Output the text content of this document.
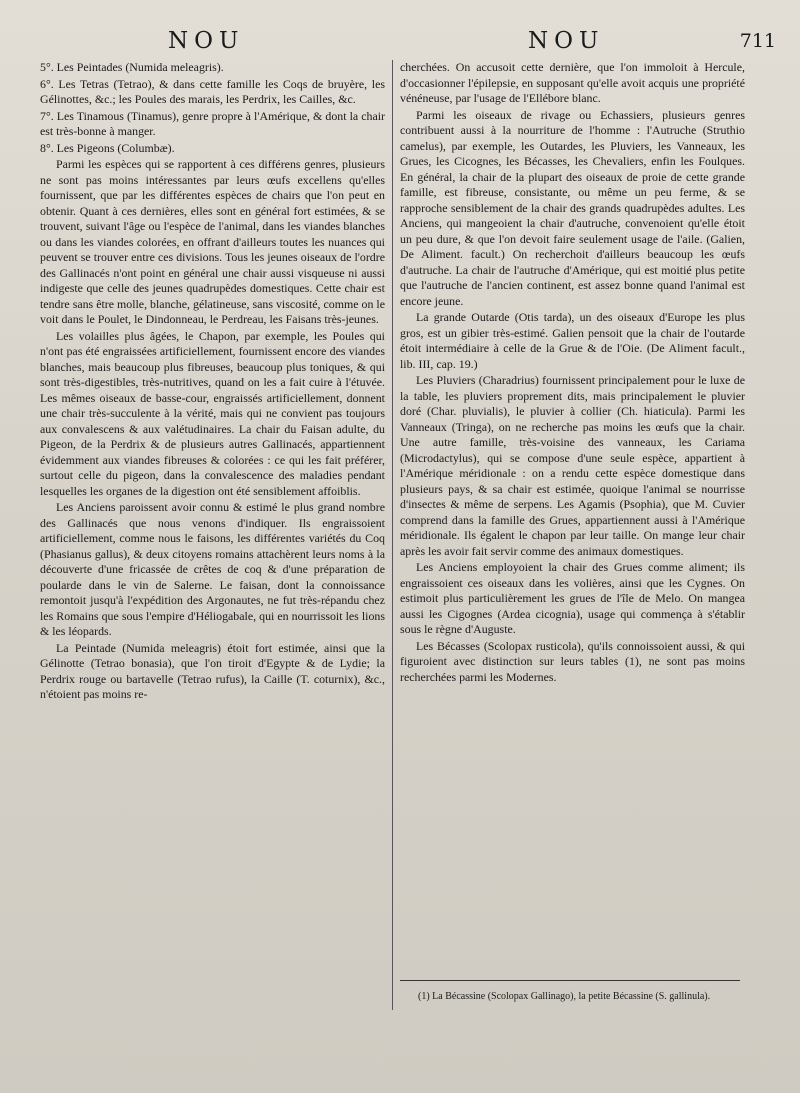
NOU	NOU	711

5°. Les Peintades (Numida meleagris).

6°. Les Tetras (Tetrao), & dans cette famille les Coqs de bruyère, les Gélinottes, &c.; les Poules des marais, les Perdrix, les Cailles, &c.

7°. Les Tinamous (Tinamus), genre propre à l'Amérique, & dont la chair est très-bonne à manger.

8°. Les Pigeons (Columbæ).

Parmi les espèces qui se rapportent à ces différens genres, plusieurs ne sont pas moins intéressantes par leurs œufs excellens qu'elles fournissent, que par les différentes espèces de chairs que l'on peut en obtenir. Quant à ces dernières, elles sont en général fort estimées, & se trouvent, suivant l'âge ou l'espèce de l'animal, dans les viandes blanches ou dans les viandes colorées, en offrant d'ailleurs toutes les nuances qui peuvent se trouver entre ces divisions. Tous les jeunes oiseaux de l'ordre des Gallinacés n'ont point en général une chair aussi visqueuse ni aussi indigeste que celle des jeunes quadrupèdes domestiques. Cette chair est tendre sans être molle, blanche, gélatineuse, sans viscosité, comme on le voit dans le Poulet, le Dindonneau, le Perdreau, les Faisans très-jeunes.

Les volailles plus âgées, le Chapon, par exemple, les Poules qui n'ont pas été engraissées artificiellement, fournissent encore des viandes blanches, mais beaucoup plus fibreuses, beaucoup plus toniques, & qui sont très-digestibles, très-nutritives, quand on les a fait cuire à l'étuvée. Les mêmes oiseaux de basse-cour, engraissés artificiellement, donnent une chair très-succulente à la vérité, mais qui ne convient pas toujours aux convalescens & aux valétudinaires. La chair du Faisan adulte, du Pigeon, de la Perdrix & de plusieurs autres Gallinacés, appartiennent évidemment aux viandes fibreuses & colorées : ce qui les fait préférer, surtout celle du pigeon, dans la convalescence des maladies pendant lesquelles les organes de la digestion ont été sensiblement affoiblis.

Les Anciens paroissent avoir connu & estimé le plus grand nombre des Gallinacés que nous venons d'indiquer. Ils engraissoient artificiellement, comme nous le faisons, les différentes variétés du Coq (Phasianus gallus), & deux citoyens romains attachèrent leurs noms à la découverte d'une fricassée de crêtes de coq & d'une préparation de poularde dans le vin de Salerne. Le faisan, dont la connoissance remontoit jusqu'à l'expédition des Argonautes, ne fut très-répandu chez les Romains que sous l'empire d'Héliogabale, qui en nourrissoit les lions & les léopards.

La Peintade (Numida meleagris) étoit fort estimée, ainsi que la Gélinotte (Tetrao bonasia), que l'on tiroit d'Egypte & de Lydie; la Perdrix rouge ou bartavelle (Tetrao rufus), la Caille (T. coturnix), &c., n'étoient pas moins re-

cherchées. On accusoit cette dernière, que l'on immoloit à Hercule, d'occasionner l'épilepsie, en supposant qu'elle avoit acquis une propriété vénéneuse, par l'usage de l'Ellébore blanc.

Parmi les oiseaux de rivage ou Echassiers, plusieurs genres contribuent aussi à la nourriture de l'homme : l'Autruche (Struthio camelus), par exemple, les Outardes, les Pluviers, les Vanneaux, les Grues, les Cicognes, les Bécasses, les Chevaliers, enfin les Foulques. En général, la chair de la plupart des oiseaux de proie de cette grande famille, est fibreuse, consistante, ou même un peu ferme, & se rapproche sensiblement de la chair des grands quadrupèdes adultes. Les Anciens, qui mangeoient la chair d'autruche, convenoient qu'elle étoit un peu dure, & que l'on devoit faire seulement usage de l'aile. (Galien, De Aliment. facult.) On recherchoit d'ailleurs beaucoup les œufs d'autruche. La chair de l'autruche d'Amérique, qui est moitié plus petite que l'autruche de l'ancien continent, est assez bonne quand l'animal est encore jeune.

La grande Outarde (Otis tarda), un des oiseaux d'Europe les plus gros, est un gibier très-estimé. Galien pensoit que la chair de l'outarde étoit intermédiaire à celle de la Grue & de l'Oie. (De Aliment facult., lib. III, cap. 19.)

Les Pluviers (Charadrius) fournissent principalement pour le luxe de la table, les pluviers proprement dits, mais principalement le pluvier doré (Char. pluvialis), le pluvier à collier (Ch. hiaticula). Parmi les Vanneaux (Tringa), on ne recherche pas moins les œufs que la chair. Une autre famille, très-voisine des vanneaux, les Cariama (Microdactylus), qui se compose d'une seule espèce, appartient à l'Amérique méridionale : on a rendu cette espèce domestique dans plusieurs pays, & sa chair est estimée, quoique l'animal se nourrisse d'insectes & même de serpens. Les Agamis (Psophia), que M. Cuvier comprend dans la famille des Grues, appartiennent aussi à l'Amérique méridionale. Ils égalent le chapon par leur taille. On mange leur chair après les avoir fait servir comme des animaux domestiques.

Les Anciens employoient la chair des Grues comme aliment; ils engraissoient ces oiseaux dans les volières, ainsi que les Cygnes. On estimoit plus particulièrement les grues de l'île de Melo. On mangea aussi les Cigognes (Ardea cicognia), usage qui commença à s'établir sous le règne d'Auguste.

Les Bécasses (Scolopax rusticola), qu'ils connoissoient aussi, & qui figuroient avec distinction sur leurs tables (1), ne sont pas moins recherchées parmi les Modernes.

(1) La Bécassine (Scolopax Gallinago), la petite Bécassine (S. gallinula).
